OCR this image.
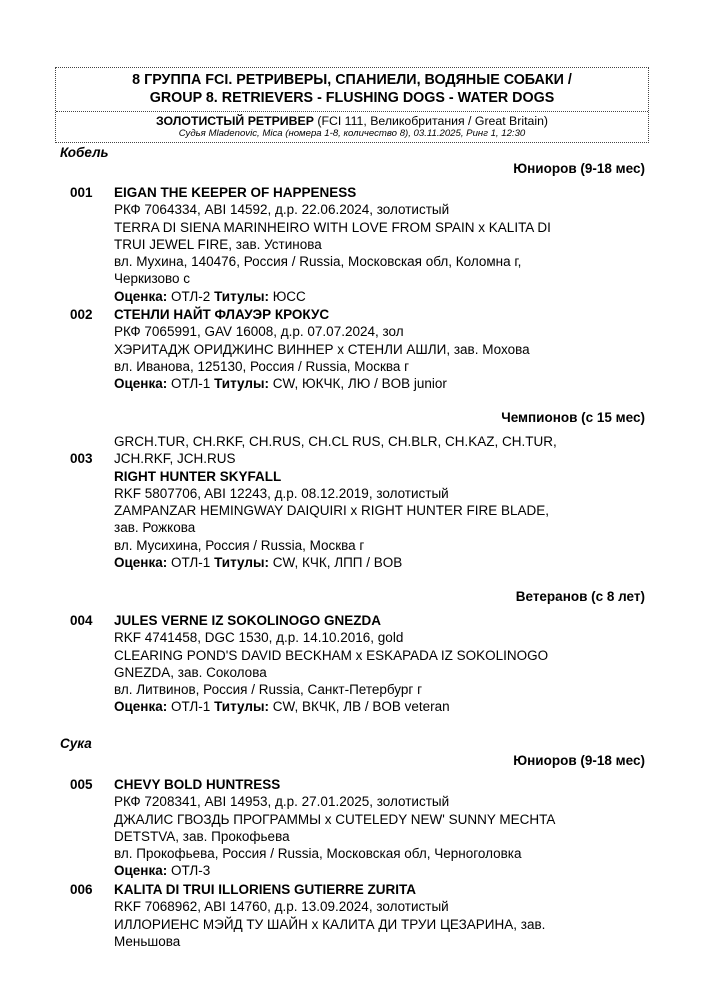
8 ГРУППА FCI. РЕТРИВЕРЫ, СПАНИЕЛИ, ВОДЯНЫЕ СОБАКИ /
GROUP 8. RETRIEVERS - FLUSHING DOGS - WATER DOGS
ЗОЛОТИСТЫЙ РЕТРИВЕР (FCI 111, Великобритания / Great Britain)
Судья Mladenovic, Mica (номера 1-8, количество 8), 03.11.2025, Ринг 1, 12:30
Кобель
Юниоров (9-18 мес)
001	EIGAN THE KEEPER OF HAPPENESS
РКФ 7064334, ABI 14592, д.р. 22.06.2024, золотистый
TERRA DI SIENA MARINHEIRO WITH LOVE FROM SPAIN x KALITA DI
TRUI JEWEL FIRE, зав. Устинова
вл. Мухина, 140476, Россия / Russia, Московская обл, Коломна г,
Черкизово с
Оценка: ОТЛ-2 Титулы: ЮСС
002	СТЕНЛИ НАЙТ ФЛАУЭР КРОКУС
РКФ 7065991, GAV 16008, д.р. 07.07.2024, зол
ХЭРИТАДЖ ОРИДЖИНС ВИННЕР x СТЕНЛИ АШЛИ, зав. Мохова
вл. Иванова, 125130, Россия / Russia, Москва г
Оценка: ОТЛ-1 Титулы: CW, ЮКЧК, ЛЮ / BOB junior
Чемпионов (с 15 мес)
GRCH.TUR, CH.RKF, CH.RUS, CH.CL RUS, CH.BLR, CH.KAZ, CH.TUR,
003	JCH.RKF, JCH.RUS
RIGHT HUNTER SKYFALL
RKF 5807706, ABI 12243, д.р. 08.12.2019, золотистый
ZAMPANZAR HEMINGWAY DAIQUIRI x RIGHT HUNTER FIRE BLADE,
зав. Рожкова
вл. Мусихина, Россия / Russia, Москва г
Оценка: ОТЛ-1 Титулы: CW, КЧК, ЛПП / BOB
Ветеранов (с 8 лет)
004	JULES VERNE IZ SOKOLINOGO GNEZDA
RKF 4741458, DGC 1530, д.р. 14.10.2016, gold
CLEARING POND'S DAVID BECKHAM x ESKAPADA IZ SOKOLINOGO
GNEZDA, зав. Соколова
вл. Литвинов, Россия / Russia, Санкт-Петербург г
Оценка: ОТЛ-1 Титулы: CW, ВКЧК, ЛВ / BOB veteran
Сука
Юниоров (9-18 мес)
005	CHEVY BOLD HUNTRESS
РКФ 7208341, ABI 14953, д.р. 27.01.2025, золотистый
ДЖАЛИС ГВОЗДЬ ПРОГРАММЫ x CUTELEDY NEW' SUNNY MECHTA
DETSTVA, зав. Прокофьева
вл. Прокофьева, Россия / Russia, Московская обл, Черноголовка
Оценка: ОТЛ-3
006	KALITA DI TRUI ILLORIENS GUTIERRE ZURITA
RKF 7068962, ABI 14760, д.р. 13.09.2024, золотистый
ИЛЛОРИЕНС МЭЙД ТУ ШАЙН x КАЛИТА ДИ ТРУИ ЦЕЗАРИНА, зав.
Меньшова
